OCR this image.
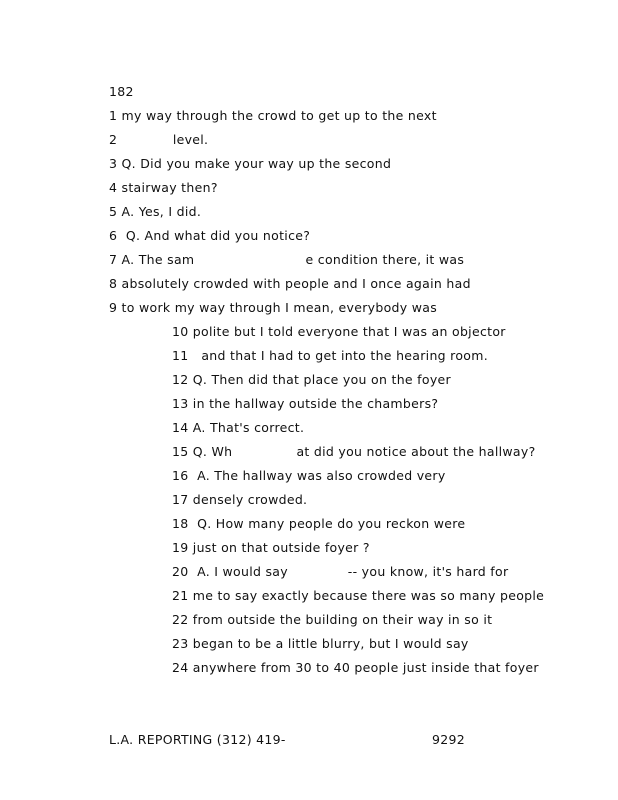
182
1 my way through the crowd to get up to the next
2             level.
3 Q. Did you make your way up the second
4 stairway then?
5 A. Yes, I did.
6  Q. And what did you notice?
7 A. The sam                          e condition there, it was
8 absolutely crowded with people and I once again had
9 to work my way through I mean, everybody was
10 polite but I told everyone that I was an objector
11   and that I had to get into the hearing room.
12 Q. Then did that place you on the foyer
13 in the hallway outside the chambers?
14 A. That's correct.
15 Q. Wh               at did you notice about the hallway?
16  A. The hallway was also crowded very
17 densely crowded.
18  Q. How many people do you reckon were
19 just on that outside foyer ?
20  A. I would say              -- you know, it's hard for
21 me to say exactly because there was so many people
22 from outside the building on their way in so it
23 began to be a little blurry, but I would say
24 anywhere from 30 to 40 people just inside that foyer
L.A. REPORTING (312) 419-	9292
